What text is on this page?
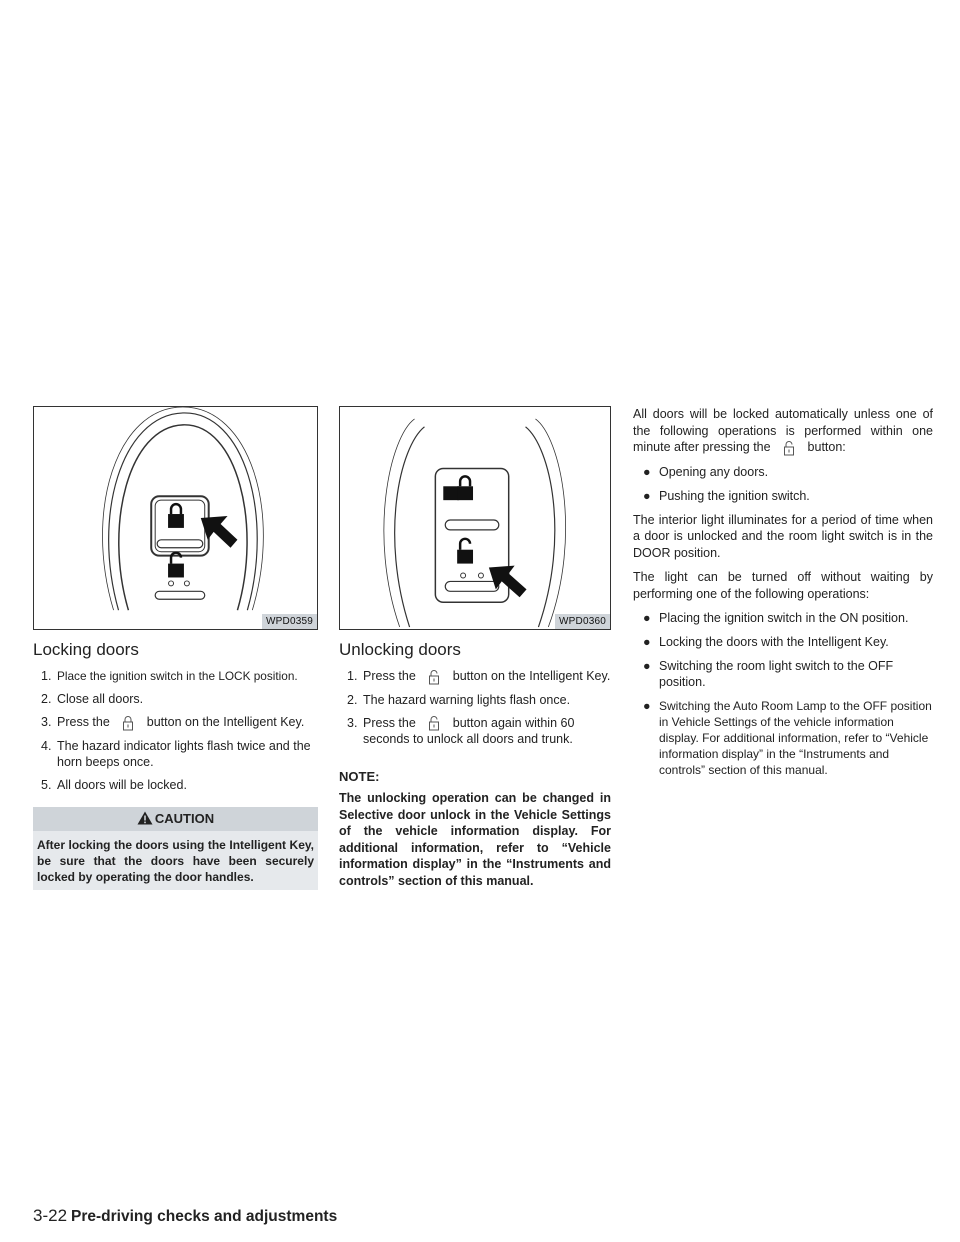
WPD0359
Locking doors
1. Place the ignition switch in the LOCK position.
2. Close all doors.
3. Press the	button on the Intelligent Key.
4. The hazard indicator lights flash twice and the horn beeps once.
5. All doors will be locked.
CAUTION
After locking the doors using the Intelligent Key, be sure that the doors have been securely locked by operating the door handles.
WPD0360
Unlocking doors
1. Press the	button on the Intelligent Key.
2. The hazard warning lights flash once.
3. Press the	button again within 60 seconds to unlock all doors and trunk.
NOTE:

The unlocking operation can be changed in Selective door unlock in the Vehicle Settings of the vehicle information display. For additional information, refer to “Vehicle information display” in the “Instruments and controls” section of this manual.

All doors will be locked automatically unless one of the following operations is performed within one minute after pressing the	button:

● Opening any doors.
● Pushing the ignition switch.

The interior light illuminates for a period of time when a door is unlocked and the room light switch is in the DOOR position.

The light can be turned off without waiting by performing one of the following operations:

● Placing the ignition switch in the ON position.
● Locking the doors with the Intelligent Key.
● Switching the room light switch to the OFF position.
● Switching the Auto Room Lamp to the OFF position in Vehicle Settings of the vehicle information display. For additional information, refer to “Vehicle information display” in the “Instruments and controls” section of this manual.
3-22 Pre-driving checks and adjustments
